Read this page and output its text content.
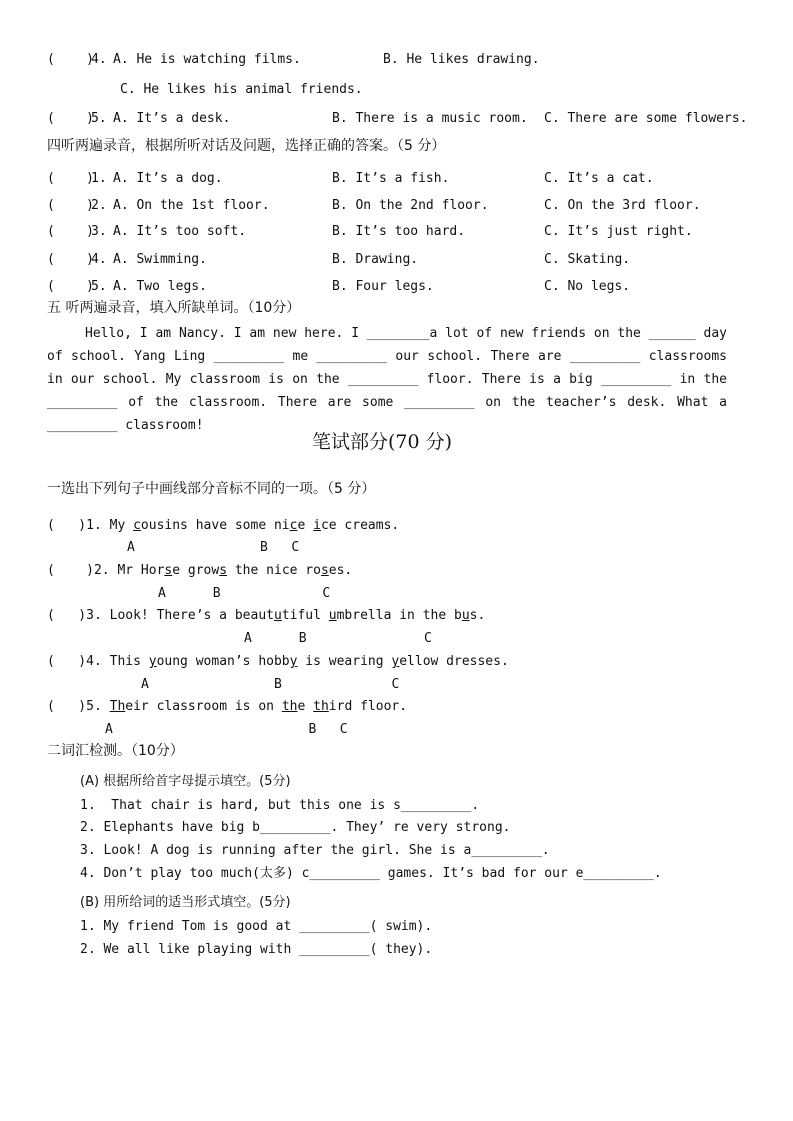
(    )
4. A. He is watching films.	B. He likes drawing.
C. He likes his animal friends.
(    )
5. A. It’s a desk.	B. There is a music room. C. There are some flowers.
四听两遍录音，根据所听对话及问题，选择正确的答案。（5 分）
(    )
1. A. It’s a dog.	B. It’s a fish.	C. It’s a cat.
(    )
2. A. On the 1st floor.	B. On the 2nd floor.	C. On the 3rd floor.
(    )
3. A. It’s too soft.	B. It’s too hard.	C. It’s just right.
(    )
4. A. Swimming.	B. Drawing.	C. Skating.
(    )
5. A. Two legs.	B. Four legs.	C. No legs.
五 听两遍录音，填入所缺单词。（10分）
Hello, I am Nancy. I am new here. I ________a lot of new friends on the ______ day of school. Yang Ling _________ me _________ our school. There are _________ classrooms in our school. My classroom is on the _________ floor. There is a big _________ in the _________ of the classroom. There are some _________ on the teacher’s desk. What a _________ classroom!
笔试部分(70 分)
一选出下列句子中画线部分音标不同的一项。（5 分）
(   )1. My cousins have some nice ice creams.
A                B   C
(    )2. Mr Horse grows the nice roses.
A      B             C
(   )3. Look! There’s a beaututiful umbrella in the bus.
A      B               C
(   )4. This young woman’s hobby is wearing yellow dresses.
A                B              C
(   )5. Their classroom is on the third floor.
A                         B   C
二词汇检测。（10分）
(A) 根据所给首字母提示填空。(5分)
1.  That chair is hard, but this one is s_________.
2. Elephants have big b_________. They’ re very strong.
3. Look! A dog is running after the girl. She is a_________.
4. Don’t play too much(太多) c_________ games. It’s bad for our e_________.
(B) 用所给词的适当形式填空。(5分)
1. My friend Tom is good at _________( swim).
2. We all like playing with _________( they).
